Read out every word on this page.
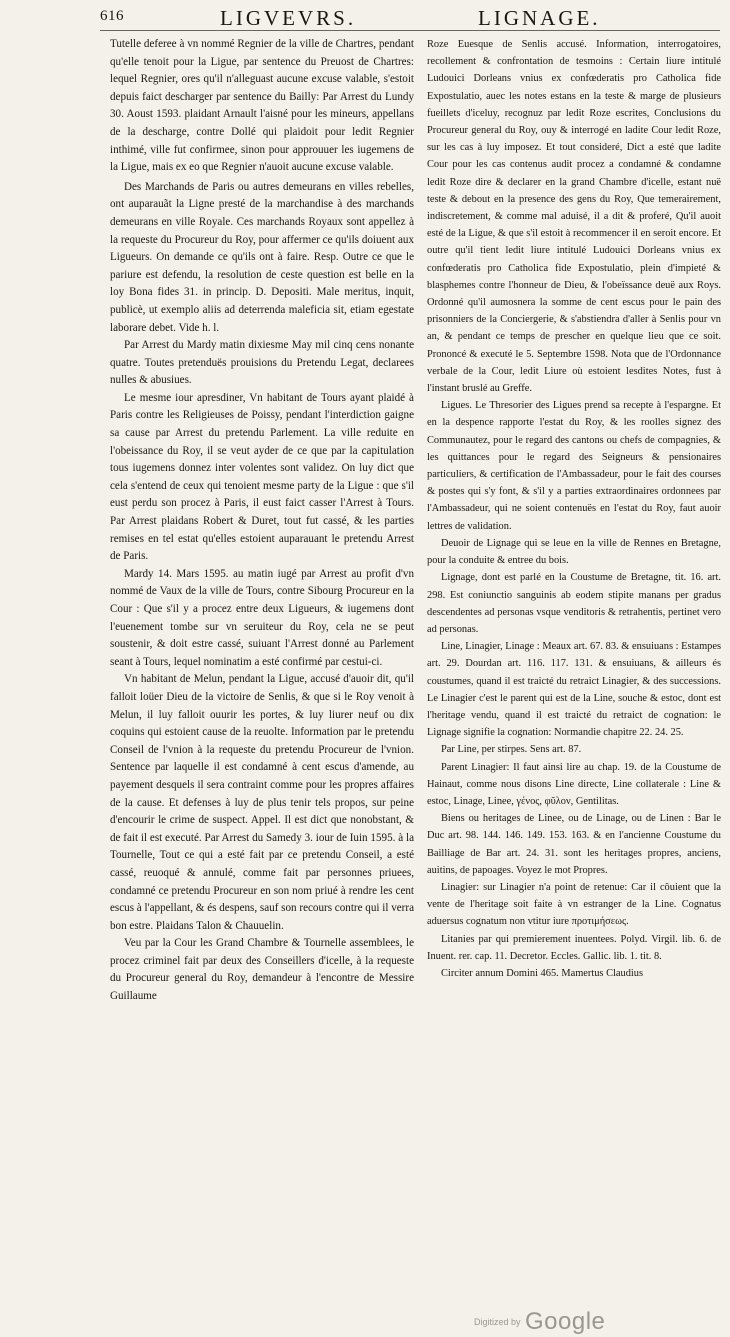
616	LIGVEVRS.	LIGNAGE.

Tutelle deferee à vn nommé Regnier de la ville de Chartres, pendant qu'elle tenoit pour la Ligue, par sentence du Preuost de Chartres: lequel Regnier, ores qu'il n'alleguast aucune excuse valable, s'estoit depuis faict descharger par sentence du Bailly: Par Arrest du Lundy 30. Aoust 1593. plaidant Arnault l'aisné pour les mineurs, appellans de la descharge, contre Dollé qui plaidoit pour ledit Regnier inthimé, ville fut confirmee, sinon pour approuuer les iugemens de la Ligue, mais ex eo que Regnier n'auoit aucune excuse valable.

Des Marchands de Paris ou autres demeurans en villes rebelles, ont auparauãt la Ligne presté de la marchandise à des marchands demeurans en ville Royale. Ces marchands Royaux sont appellez à la requeste du Procureur du Roy, pour affermer ce qu'ils doiuent aux Ligueurs. On demande ce qu'ils ont à faire. Resp. Outre ce que le pariure est defendu, la resolution de ceste question est belle en la loy Bona fides 31. in princip. D. Depositi. Male meritus, inquit, publicè, ut exemplo aliis ad deterrenda maleficia sit, etiam egestate laborare debet. Vide h. l.

Par Arrest du Mardy matin dixiesme May mil cinq cens nonante quatre. Toutes pretenduës prouisions du Pretendu Legat, declarees nulles & abusiues.

Le mesme iour apresdiner, Vn habitant de Tours ayant plaidé à Paris contre les Religieuses de Poissy, pendant l'interdiction gaigne sa cause par Arrest du pretendu Parlement. La ville reduite en l'obeissance du Roy, il se veut ayder de ce que par la capitulation tous iugemens donnez inter volentes sont validez. On luy dict que cela s'entend de ceux qui tenoient mesme party de la Ligue : que s'il eust perdu son procez à Paris, il eust faict casser l'Arrest à Tours. Par Arrest plaidans Robert & Duret, tout fut cassé, & les parties remises en tel estat qu'elles estoient auparauant le pretendu Arrest de Paris.

Mardy 14. Mars 1595. au matin iugé par Arrest au profit d'vn nommé de Vaux de la ville de Tours, contre Sibourg Procureur en la Cour : Que s'il y a procez entre deux Ligueurs, & iugemens dont l'euenement tombe sur vn seruiteur du Roy, cela ne se peut soustenir, & doit estre cassé, suiuant l'Arrest donné au Parlement seant à Tours, lequel nominatim a esté confirmé par cestui-ci.

Vn habitant de Melun, pendant la Ligue, accusé d'auoir dit, qu'il falloit loüer Dieu de la victoire de Senlis, & que si le Roy venoit à Melun, il luy falloit ouurir les portes, & luy liurer neuf ou dix coquins qui estoient cause de la reuolte. Information par le pretendu Conseil de l'vnion à la requeste du pretendu Procureur de l'vnion. Sentence par laquelle il est condamné à cent escus d'amende, au payement desquels il sera contraint comme pour les propres affaires de la cause. Et defenses à luy de plus tenir tels propos, sur peine d'encourir le crime de suspect. Appel. Il est dict que nonobstant, & de fait il est executé. Par Arrest du Samedy 3. iour de Iuin 1595. à la Tournelle, Tout ce qui a esté fait par ce pretendu Conseil, a esté cassé, reuoqué & annulé, comme fait par personnes priuees, condamné ce pretendu Procureur en son nom priué à rendre les cent escus à l'appellant, & és despens, sauf son recours contre qui il verra bon estre. Plaidans Talon & Chauuelin.

Veu par la Cour les Grand Chambre & Tournelle assemblees, le procez criminel fait par deux des Conseillers d'icelle, à la requeste du Procureur general du Roy, demandeur à l'encontre de Messire Guillaume

Roze Euesque de Senlis accusé. Information, interrogatoires, recollement & confrontation de tesmoins : Certain liure intitulé Ludouici Dorleans vnius ex confœderatis pro Catholica fide Expostulatio, auec les notes estans en la teste & marge de plusieurs fueillets d'iceluy, recognuz par ledit Roze escrites, Conclusions du Procureur general du Roy, ouy & interrogé en ladite Cour ledit Roze, sur les cas à luy imposez. Et tout consideré, Dict a esté que ladite Cour pour les cas contenus audit procez a condamné & condamne ledit Roze dire & declarer en la grand Chambre d'icelle, estant nuë teste & debout en la presence des gens du Roy, Que temerairement, indiscretement, & comme mal aduisé, il a dit & proferé, Qu'il auoit esté de la Ligue, & que s'il estoit à recommencer il en seroit encore. Et outre qu'il tient ledit liure intitulé Ludouici Dorleans vnius ex confœderatis pro Catholica fide Expostulatio, plein d'impieté & blasphemes contre l'honneur de Dieu, & l'obeïssance deuë aux Roys. Ordonné qu'il aumosnera la somme de cent escus pour le pain des prisonniers de la Conciergerie, & s'abstiendra d'aller à Senlis pour vn an, & pendant ce temps de prescher en quelque lieu que ce soit. Prononcé & executé le 5. Septembre 1598. Nota que de l'Ordonnance verbale de la Cour, ledit Liure où estoient lesdites Notes, fust à l'instant bruslé au Greffe.

Ligues. Le Thresorier des Ligues prend sa recepte à l'espargne. Et en la despence rapporte l'estat du Roy, & les roolles signez des Communautez, pour le regard des cantons ou chefs de compagnies, & les quittances pour le regard des Seigneurs & pensionaires particuliers, & certification de l'Ambassadeur, pour le fait des courses & postes qui s'y font, & s'il y a parties extraordinaires ordonnees par l'Ambassadeur, qui ne soient contenuës en l'estat du Roy, faut auoir lettres de validation.

Deuoir de Lignage qui se leue en la ville de Rennes en Bretagne, pour la conduite & entree du bois.

Lignage, dont est parlé en la Coustume de Bretagne, tit. 16. art. 298. Est coniunctio sanguinis ab eodem stipite manans per gradus descendentes ad personas vsque venditoris & retrahentis, pertinet vero ad personas.

Line, Linagier, Linage : Meaux art. 67. 83. & ensuiuans : Estampes art. 29. Dourdan art. 116. 117. 131. & ensuiuans, & ailleurs és coustumes, quand il est traicté du retraict Linagier, & des successions. Le Linagier c'est le parent qui est de la Line, souche & estoc, dont est l'heritage vendu, quand il est traicté du retraict de cognation: le Lignage signifie la cognation: Normandie chapitre 22. 24. 25.

Par Line, per stirpes. Sens art. 87.

Parent Linagier: Il faut ainsi lire au chap. 19. de la Coustume de Hainaut, comme nous disons Line directe, Line collaterale : Line & estoc, Linage, Linee, γένος, φῦλον, Gentilitas.

Biens ou heritages de Linee, ou de Linage, ou de Linen : Bar le Duc art. 98. 144. 146. 149. 153. 163. & en l'ancienne Coustume du Bailliage de Bar art. 24. 31. sont les heritages propres, anciens, auitins, de papoages. Voyez le mot Propres.

Linagier: sur Linagier n'a point de retenue: Car il côuient que la vente de l'heritage soit faite à vn estranger de la Line. Cognatus aduersus cognatum non vtitur iure προτιμήσεως.

Litanies par qui premierement inuentees. Polyd. Virgil. lib. 6. de Inuent. rer. cap. 11. Decretor. Eccles. Gallic. lib. 1. tit. 8.

Circiter annum Domini 465. Mamertus Claudius

Digitized by Google
